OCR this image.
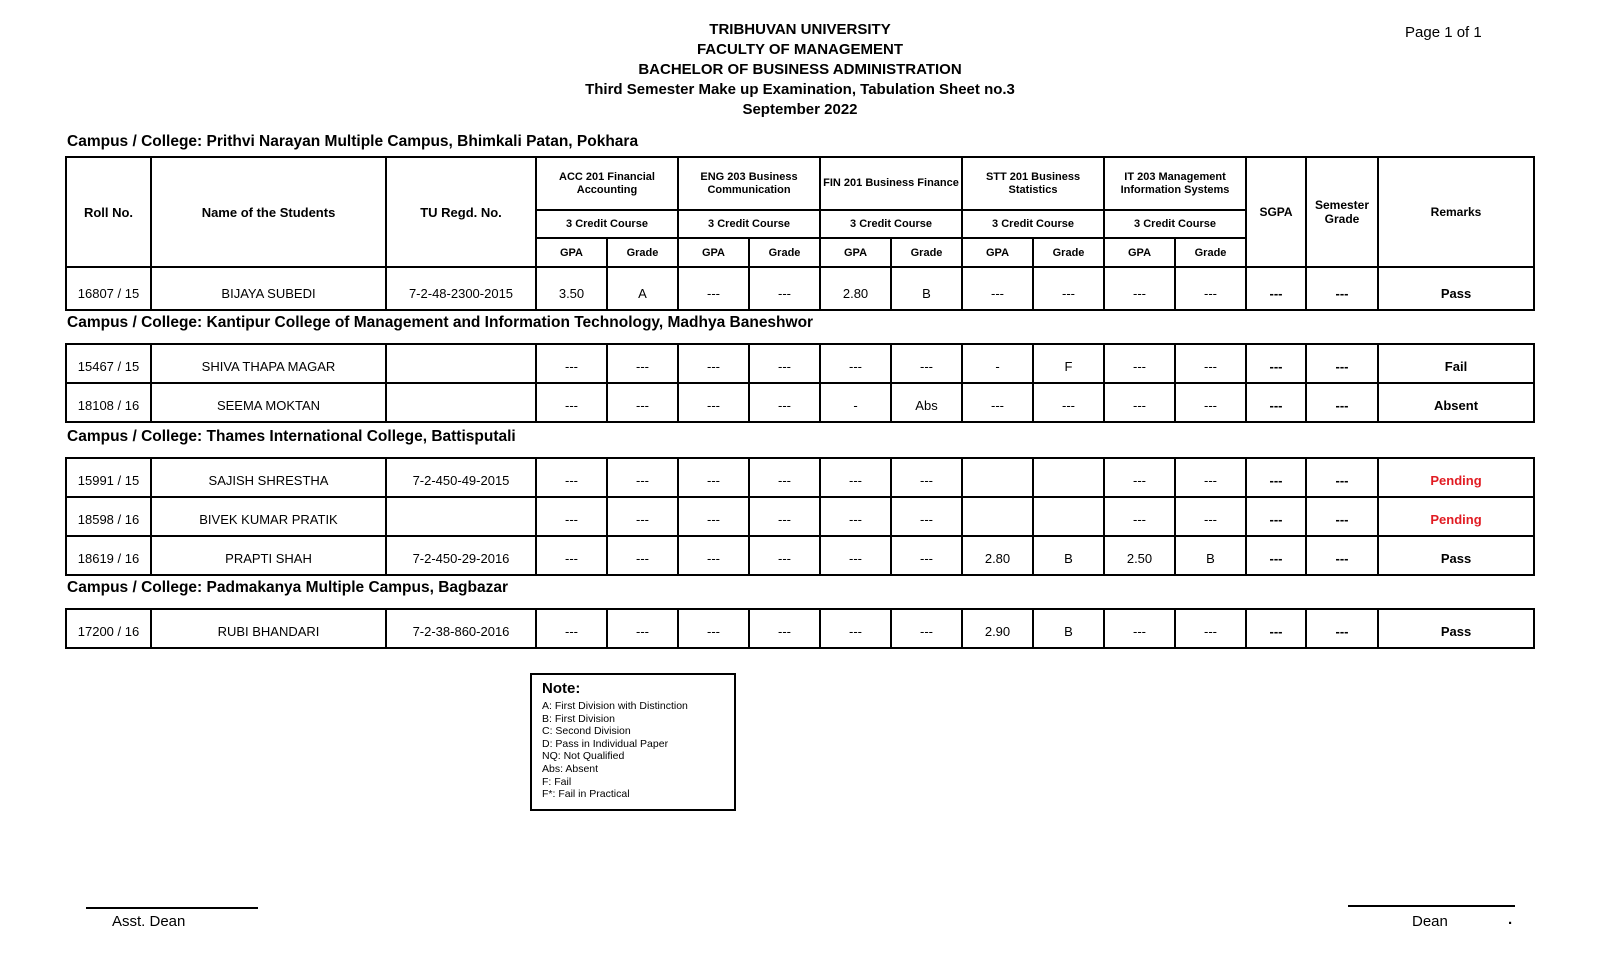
TRIBHUVAN UNIVERSITY
FACULTY OF MANAGEMENT
BACHELOR OF BUSINESS ADMINISTRATION
Third Semester Make up Examination, Tabulation Sheet no.3
September 2022
Page 1 of 1
Campus / College: Prithvi Narayan Multiple Campus, Bhimkali Patan, Pokhara
Roll No.	Name of the Students	TU Regd. No.	ACC 201 Financial Accounting		ENG 203 Business Communication		FIN 201 Business Finance		STT 201 Business Statistics		IT 203 Management Information Systems		SGPA	Semester Grade	Remarks
			3 Credit Course		3 Credit Course		3 Credit Course		3 Credit Course		3 Credit Course				
			GPA	Grade	GPA	Grade	GPA	Grade	GPA	Grade	GPA	Grade			
16807 / 15	BIJAYA SUBEDI	7-2-48-2300-2015	3.50	A	---	---	2.80	B	---	---	---	---	---	---	Pass
Campus / College: Kantipur College of Management and Information Technology, Madhya Baneshwor
15467 / 15	SHIVA THAPA MAGAR		---	---	---	---	---	---	-	F	---	---	---	---	Fail
18108 / 16	SEEMA MOKTAN		---	---	---	---	-	Abs	---	---	---	---	---	---	Absent
Campus / College: Thames International College, Battisputali
15991 / 15	SAJISH SHRESTHA	7-2-450-49-2015	---	---	---	---	---	---			---	---	---	---	Pending
18598 / 16	BIVEK KUMAR PRATIK		---	---	---	---	---	---			---	---	---	---	Pending
18619 / 16	PRAPTI SHAH	7-2-450-29-2016	---	---	---	---	---	---	2.80	B	2.50	B	---	---	Pass
Campus / College: Padmakanya Multiple Campus, Bagbazar
17200 / 16	RUBI BHANDARI	7-2-38-860-2016	---	---	---	---	---	---	2.90	B	---	---	---	---	Pass
Note:
A: First Division with Distinction
B: First Division
C: Second Division
D: Pass in Individual Paper
NQ: Not Qualified
Abs: Absent
F: Fail
F*: Fail in Practical
Asst. Dean	Dean	.
